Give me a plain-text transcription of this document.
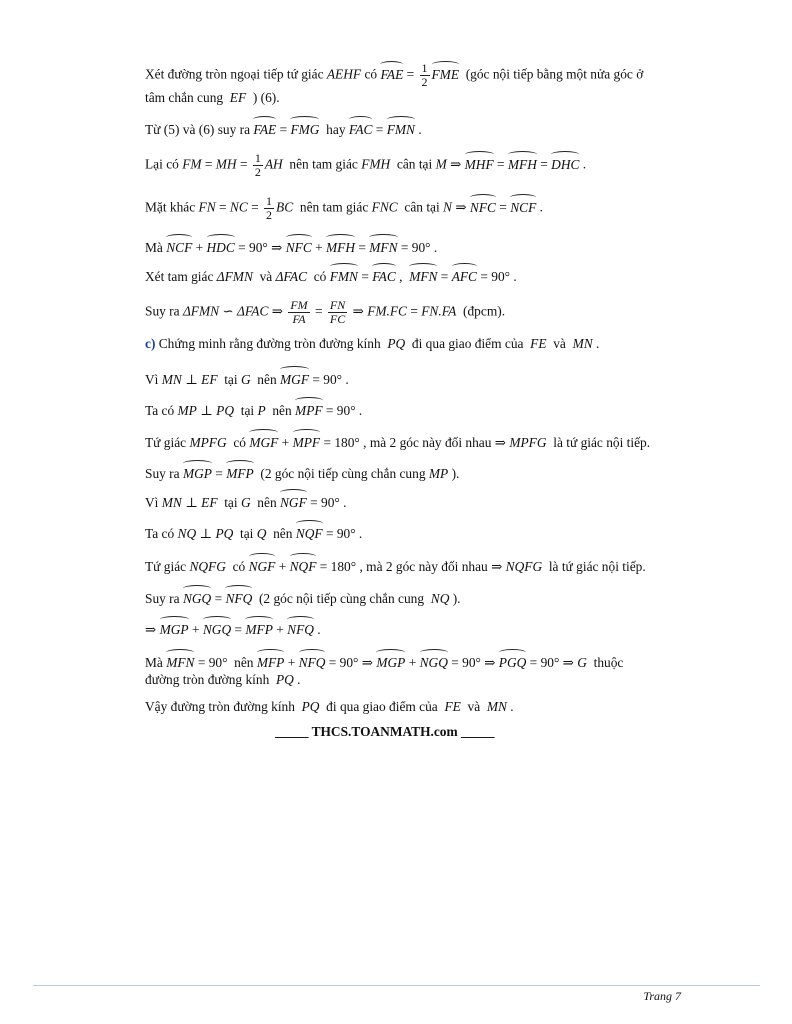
Xét đường tròn ngoại tiếp tứ giác AEHF có FAE = $\frac{1}{2}$ FME  (góc nội tiếp bằng một nửa góc ở
tâm chắn cung  EF  ) (6).
Từ (5) và (6) suy ra FAE = FMG  hay FAC = FMN .
Lại có FM = MH = $\frac{1}{2}$ AH  nên tam giác FMH  cân tại M ⇒ MHF = MFH = DHC .
Mặt khác FN = NC = $\frac{1}{2}$ BC  nên tam giác FNC  cân tại N ⇒ NFC = NCF .
Mà NCF + HDC = 90° ⇒ NFC + MFH = MFN = 90° .
Xét tam giác ΔFMN  và ΔFAC  có FMN = FAC ,  MFN = AFC = 90° .
Suy ra ΔFMN ∽ ΔFAC ⇒ $\frac{FM}{FA} = \frac{FN}{FC}$ ⇒ FM.FC = FN.FA  (đpcm).
c) Chứng minh rằng đường tròn đường kính  PQ  đi qua giao điểm của  FE  và  MN .
Vì MN ⊥ EF  tại G  nên MGF = 90° .
Ta có MP ⊥ PQ  tại P  nên MPF = 90° .
Tứ giác MPFG  có MGF + MPF = 180° , mà 2 góc này đối nhau ⇒ MPFG  là tứ giác nội tiếp.
Suy ra MGP = MFP  (2 góc nội tiếp cùng chắn cung MP ).
Vì MN ⊥ EF  tại G  nên NGF = 90° .
Ta có NQ ⊥ PQ  tại Q  nên NQF = 90° .
Tứ giác NQFG  có NGF + NQF = 180° , mà 2 góc này đối nhau ⇒ NQFG  là tứ giác nội tiếp.
Suy ra NGQ = NFQ  (2 góc nội tiếp cùng chắn cung  NQ ).
⇒ MGP + NGQ = MFP + NFQ .
Mà MFN = 90°  nên MFP + NFQ = 90° ⇒ MGP + NGQ = 90° ⇒ PGQ = 90° ⇒ G  thuộc
đường tròn đường kính  PQ .
Vậy đường tròn đường kính  PQ  đi qua giao điểm của  FE  và  MN .
_____ THCS.TOANMATH.com _____
Trang 7
